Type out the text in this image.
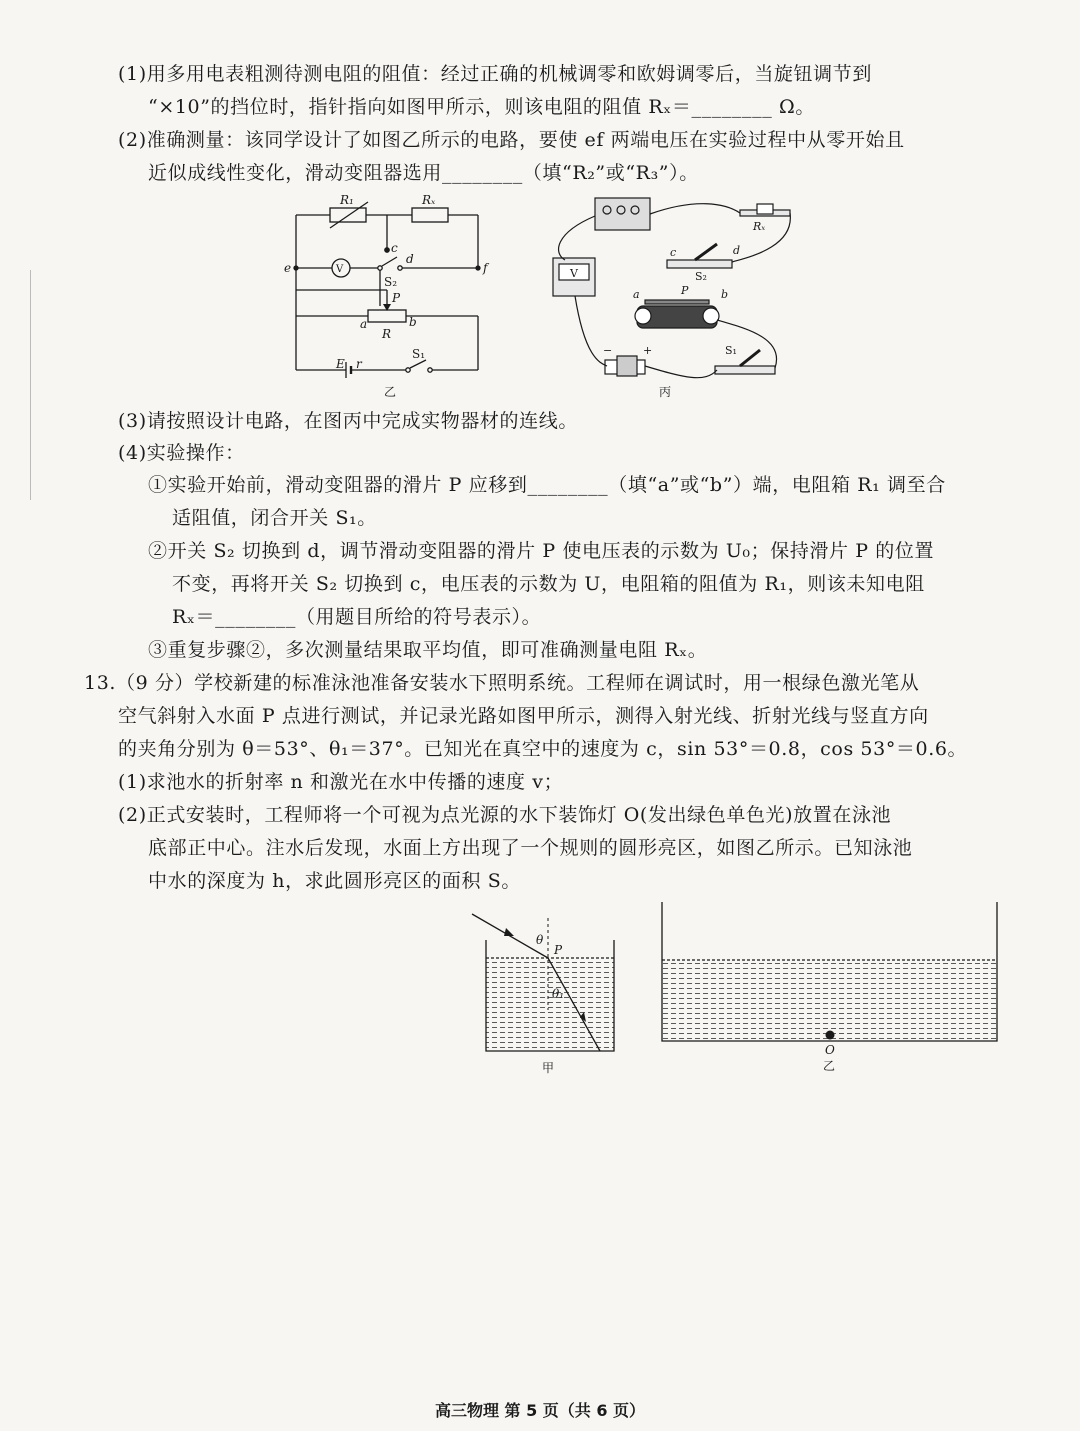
(1)用多用电表粗测待测电阻的阻值：经过正确的机械调零和欧姆调零后，当旋钮调节到
“×10”的挡位时，指针指向如图甲所示，则该电阻的阻值 Rₓ＝________ Ω。
(2)准确测量：该同学设计了如图乙所示的电路，要使 ef 两端电压在实验过程中从零开始且
近似成线性变化，滑动变阻器选用________（填“R₂”或“R₃”）。
R₁	Rₓ
c
d
e	f
V
S₂
P
a	b
R
E r
S₁
乙
Rₓ
c	d
V	S₂
a	P	b
−	+	S₁
丙
(3)请按照设计电路，在图丙中完成实物器材的连线。
(4)实验操作：
①实验开始前，滑动变阻器的滑片 P 应移到________（填“a”或“b”）端，电阻箱 R₁ 调至合
适阻值，闭合开关 S₁。
②开关 S₂ 切换到 d，调节滑动变阻器的滑片 P 使电压表的示数为 U₀；保持滑片 P 的位置
不变，再将开关 S₂ 切换到 c，电压表的示数为 U，电阻箱的阻值为 R₁，则该未知电阻
Rₓ＝________（用题目所给的符号表示）。
③重复步骤②，多次测量结果取平均值，即可准确测量电阻 Rₓ。
13.（9 分）学校新建的标准泳池准备安装水下照明系统。工程师在调试时，用一根绿色激光笔从
空气斜射入水面 P 点进行测试，并记录光路如图甲所示，测得入射光线、折射光线与竖直方向
的夹角分别为 θ＝53°、θ₁＝37°。已知光在真空中的速度为 c，sin 53°＝0.8，cos 53°＝0.6。
(1)求池水的折射率 n 和激光在水中传播的速度 v；
(2)正式安装时，工程师将一个可视为点光源的水下装饰灯 O(发出绿色单色光)放置在泳池
底部正中心。注水后发现，水面上方出现了一个规则的圆形亮区，如图乙所示。已知泳池
中水的深度为 h，求此圆形亮区的面积 S。
θ
P
θ₁
甲
O
乙
高三物理 第 5 页（共 6 页）
